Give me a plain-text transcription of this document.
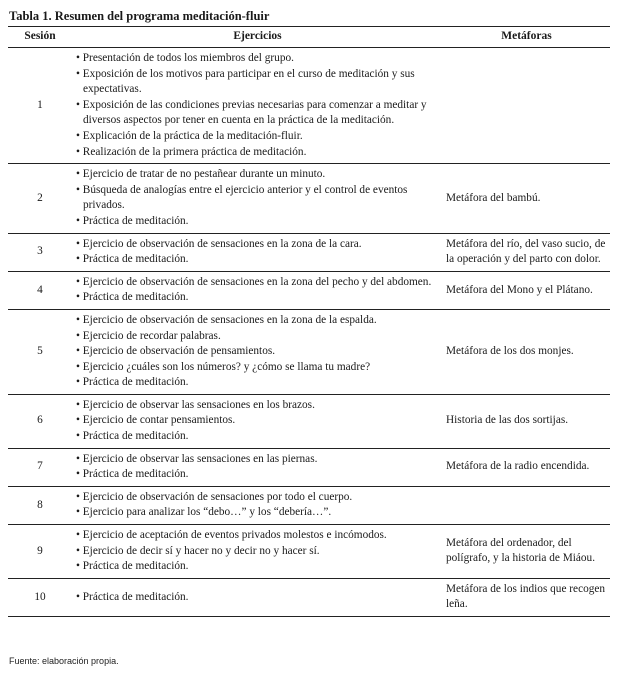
Tabla 1. Resumen del programa meditación-fluir
Sesión	Ejercicios	Metáforas
1	• Presentación de todos los miembros del grupo.
• Exposición de los motivos para participar en el curso de meditación y sus expectativas.
• Exposición de las condiciones previas necesarias para comenzar a meditar y diversos aspectos por tener en cuenta en la práctica de la meditación.
• Explicación de la práctica de la meditación-fluir.
• Realización de la primera práctica de meditación.	

2	• Ejercicio de tratar de no pestañear durante un minuto.
• Búsqueda de analogías entre el ejercicio anterior y el control de eventos privados.
• Práctica de meditación.	Metáfora del bambú.
3	• Ejercicio de observación de sensaciones en la zona de la cara.
• Práctica de meditación.	Metáfora del río, del vaso sucio, de la operación y del parto con dolor.
4	• Ejercicio de observación de sensaciones en la zona del pecho y del abdomen.
• Práctica de meditación.	Metáfora del Mono y el Plátano.
5	• Ejercicio de observación de sensaciones en la zona de la espalda.
• Ejercicio de recordar palabras.
• Ejercicio de observación de pensamientos.
• Ejercicio ¿cuáles son los números? y ¿cómo se llama tu madre?
• Práctica de meditación.	Metáfora de los dos monjes.
6	• Ejercicio de observar las sensaciones en los brazos.
• Ejercicio de contar pensamientos.
• Práctica de meditación.	Historia de las dos sortijas.
7	• Ejercicio de observar las sensaciones en las piernas.
• Práctica de meditación.	Metáfora de la radio encendida.
8	• Ejercicio de observación de sensaciones por todo el cuerpo.
• Ejercicio para analizar los “debo…” y los “debería…”.	

9	• Ejercicio de aceptación de eventos privados molestos e incómodos.
• Ejercicio de decir sí y hacer no y decir no y hacer sí.
• Práctica de meditación.	Metáfora del ordenador, del polígrafo, y la historia de Miáou.
10	• Práctica de meditación.	Metáfora de los indios que recogen leña.
Fuente: elaboración propia.
